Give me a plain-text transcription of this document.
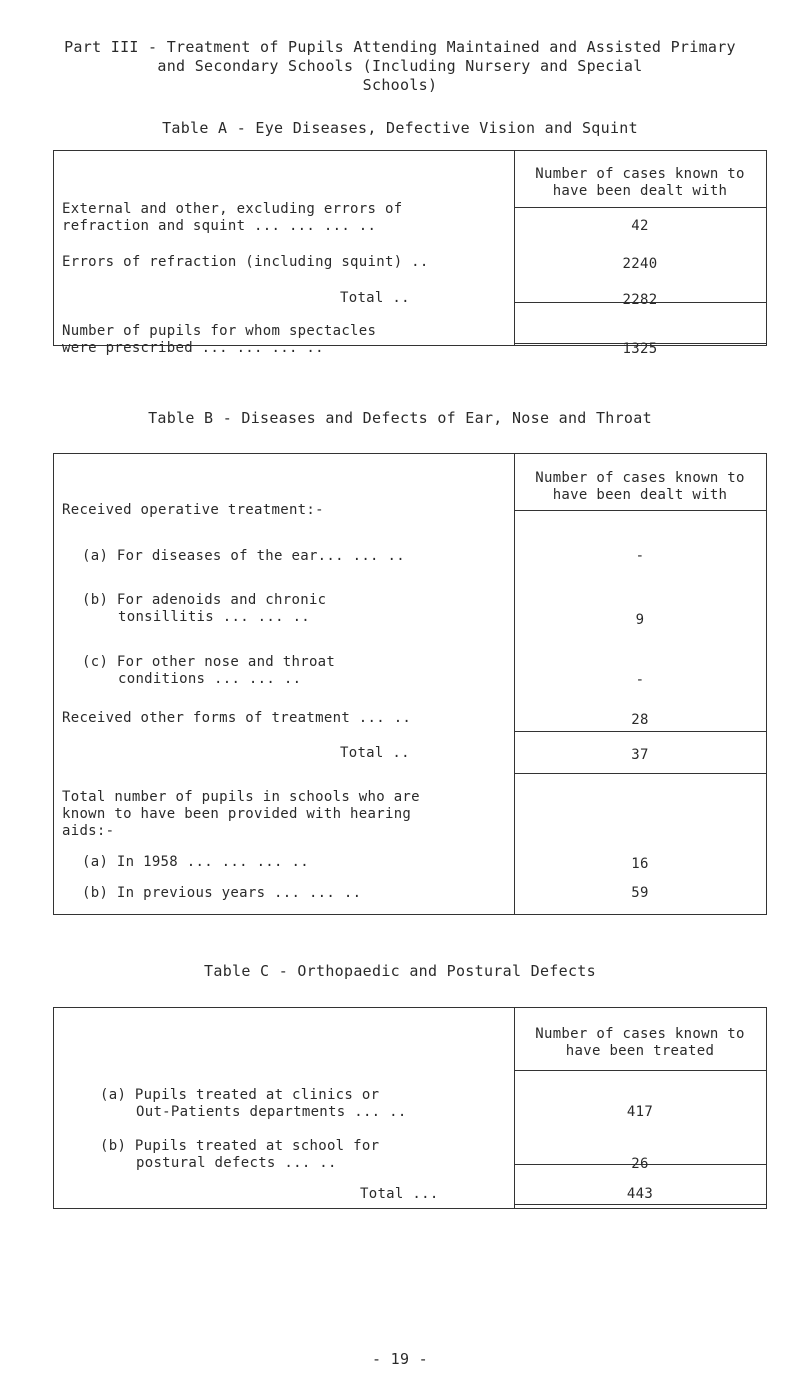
Part III - Treatment of Pupils Attending Maintained and Assisted Primary
and Secondary Schools (Including Nursery and Special
Schools)
Table A - Eye Diseases, Defective Vision and Squint
Number of cases known to
have been dealt with
External and other, excluding errors of
refraction and squint ... ... ... ..	42
Errors of refraction (including squint) ..	2240
Total ..	2282
Number of pupils for whom spectacles
were prescribed ... ... ... ..	1325
Table B - Diseases and Defects of Ear, Nose and Throat
Number of cases known to
have been dealt with
Received operative treatment:-
(a) For diseases of the ear... ... ..	-
(b) For adenoids and chronic
tonsillitis ... ... ..	9
(c) For other nose and throat
conditions ... ... ..	-
Received other forms of treatment ... ..	28
Total ..	37
Total number of pupils in schools who are
known to have been provided with hearing
aids:-
(a) In 1958 ... ... ... ..	16
(b) In previous years ... ... ..	59
Table C - Orthopaedic and Postural Defects
Number of cases known to
have been treated
(a) Pupils treated at clinics or
Out-Patients departments ... ..	417
(b) Pupils treated at school for
postural defects ... ..	26
Total ...	443
- 19 -
